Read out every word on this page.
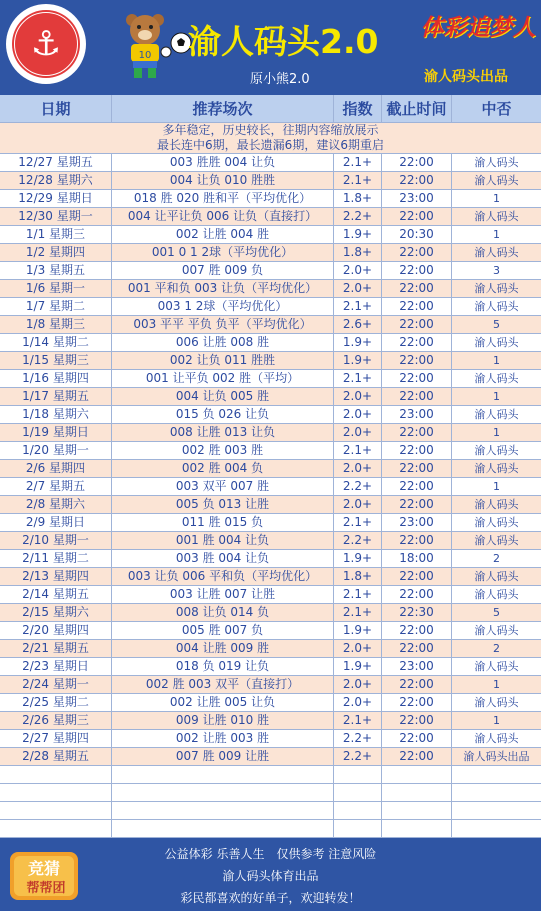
⚓	10 渝人码头2.0
原小熊2.0
体彩追梦人
渝人码头出品
日期	推荐场次	指数 截止时间	中否
多年稳定，历史较长，往期内容缩放展示
最长连中6期，最长遗漏6期，建议6期重启
12/27 星期五	003 胜胜 004 让负	2.1+	22:00	渝人码头
12/28 星期六	004 让负 010 胜胜	2.1+	22:00	渝人码头
12/29 星期日	018 胜 020 胜和平（平均优化）	1.8+	23:00	1
12/30 星期一	004 让平让负 006 让负（直接打）	2.2+	22:00	渝人码头
1/1 星期三	002 让胜 004 胜	1.9+	20:30	1
1/2 星期四	001 0 1 2球（平均优化）	1.8+	22:00	渝人码头
1/3 星期五	007 胜 009 负	2.0+	22:00	3
1/6 星期一	001 平和负 003 让负（平均优化）	2.0+	22:00	渝人码头
1/7 星期二	003 1 2球（平均优化）	2.1+	22:00	渝人码头
1/8 星期三	003 平平 平负 负平（平均优化）	2.6+	22:00	5
1/14 星期二	006 让胜 008 胜	1.9+	22:00	渝人码头
1/15 星期三	002 让负 011 胜胜	1.9+	22:00	1
1/16 星期四	001 让平负 002 胜（平均）	2.1+	22:00	渝人码头
1/17 星期五	004 让负 005 胜	2.0+	22:00	1
1/18 星期六	015 负 026 让负	2.0+	23:00	渝人码头
1/19 星期日	008 让胜 013 让负	2.0+	22:00	1
1/20 星期一	002 胜 003 胜	2.1+	22:00	渝人码头
2/6 星期四	002 胜 004 负	2.0+	22:00	渝人码头
2/7 星期五	003 双平 007 胜	2.2+	22:00	1
2/8 星期六	005 负 013 让胜	2.0+	22:00	渝人码头
2/9 星期日	011 胜 015 负	2.1+	23:00	渝人码头
2/10 星期一	001 胜 004 让负	2.2+	22:00	渝人码头
2/11 星期二	003 胜 004 让负	1.9+	18:00	2
2/13 星期四	003 让负 006 平和负（平均优化）	1.8+	22:00	渝人码头
2/14 星期五	003 让胜 007 让胜	2.1+	22:00	渝人码头
2/15 星期六	008 让负 014 负	2.1+	22:30	5
2/20 星期四	005 胜 007 负	1.9+	22:00	渝人码头
2/21 星期五	004 让胜 009 胜	2.0+	22:00	2
2/23 星期日	018 负 019 让负	1.9+	23:00	渝人码头
2/24 星期一	002 胜 003 双平（直接打）	2.0+	22:00	1
2/25 星期二	002 让胜 005 让负	2.0+	22:00	渝人码头
2/26 星期三	009 让胜 010 胜	2.1+	22:00	1
2/27 星期四	002 让胜 003 胜	2.2+	22:00	渝人码头
2/28 星期五	007 胜 009 让胜	2.2+	22:00	渝人码头出品
竞猜
帮帮团
公益体彩 乐善人生　仅供参考 注意风险
渝人码头体育出品
彩民都喜欢的好单子，欢迎转发！
